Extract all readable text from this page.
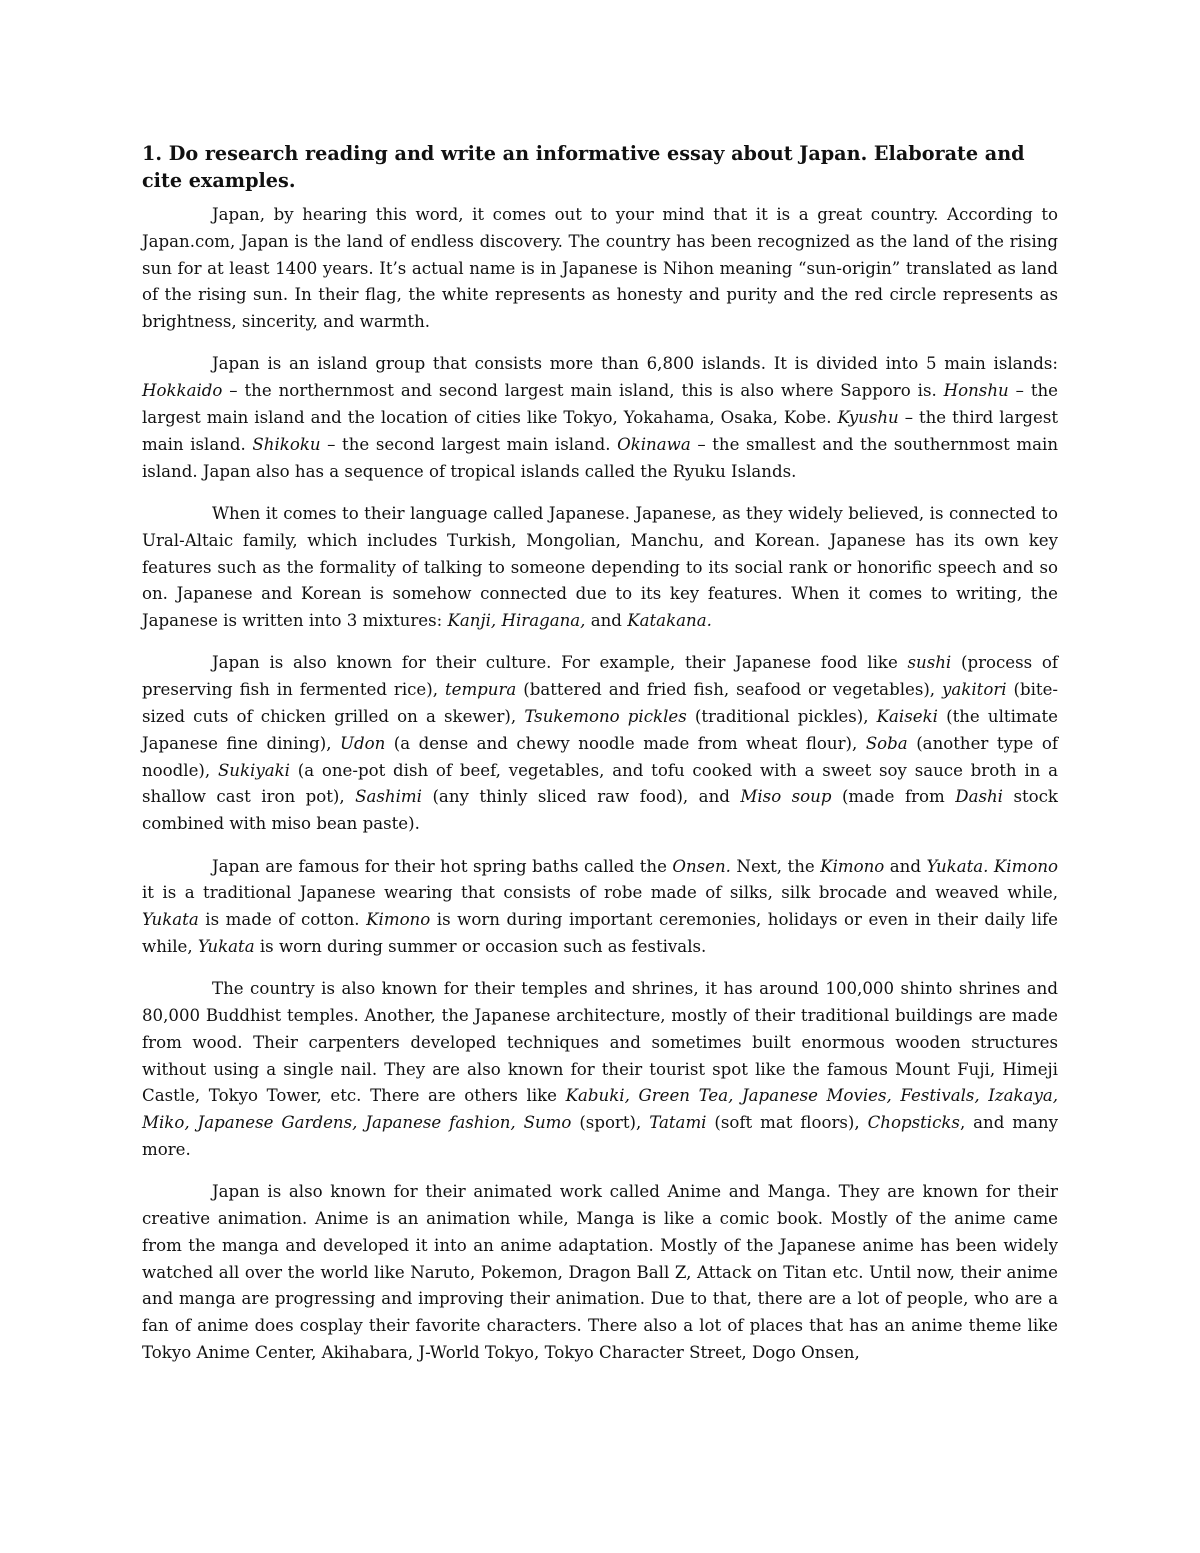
1. Do research reading and write an informative essay about Japan. Elaborate and cite examples.

Japan, by hearing this word, it comes out to your mind that it is a great country. According to Japan.com, Japan is the land of endless discovery. The country has been recognized as the land of the rising sun for at least 1400 years. It’s actual name is in Japanese is Nihon meaning “sun-origin” translated as land of the rising sun. In their flag, the white represents as honesty and purity and the red circle represents as brightness, sincerity, and warmth.

Japan is an island group that consists more than 6,800 islands. It is divided into 5 main islands: Hokkaido – the northernmost and second largest main island, this is also where Sapporo is. Honshu – the largest main island and the location of cities like Tokyo, Yokahama, Osaka, Kobe. Kyushu – the third largest main island. Shikoku – the second largest main island. Okinawa – the smallest and the southernmost main island. Japan also has a sequence of tropical islands called the Ryuku Islands.

When it comes to their language called Japanese. Japanese, as they widely believed, is connected to Ural-Altaic family, which includes Turkish, Mongolian, Manchu, and Korean. Japanese has its own key features such as the formality of talking to someone depending to its social rank or honorific speech and so on. Japanese and Korean is somehow connected due to its key features. When it comes to writing, the Japanese is written into 3 mixtures: Kanji, Hiragana, and Katakana.

Japan is also known for their culture. For example, their Japanese food like sushi (process of preserving fish in fermented rice), tempura (battered and fried fish, seafood or vegetables), yakitori (bite-sized cuts of chicken grilled on a skewer), Tsukemono pickles (traditional pickles), Kaiseki (the ultimate Japanese fine dining), Udon (a dense and chewy noodle made from wheat flour), Soba (another type of noodle), Sukiyaki (a one-pot dish of beef, vegetables, and tofu cooked with a sweet soy sauce broth in a shallow cast iron pot), Sashimi (any thinly sliced raw food), and Miso soup (made from Dashi stock combined with miso bean paste).

Japan are famous for their hot spring baths called the Onsen. Next, the Kimono and Yukata. Kimono it is a traditional Japanese wearing that consists of robe made of silks, silk brocade and weaved while, Yukata is made of cotton. Kimono is worn during important ceremonies, holidays or even in their daily life while, Yukata is worn during summer or occasion such as festivals.

The country is also known for their temples and shrines, it has around 100,000 shinto shrines and 80,000 Buddhist temples. Another, the Japanese architecture, mostly of their traditional buildings are made from wood. Their carpenters developed techniques and sometimes built enormous wooden structures without using a single nail. They are also known for their tourist spot like the famous Mount Fuji, Himeji Castle, Tokyo Tower, etc. There are others like Kabuki, Green Tea, Japanese Movies, Festivals, Izakaya, Miko, Japanese Gardens, Japanese fashion, Sumo (sport), Tatami (soft mat floors), Chopsticks, and many more.

Japan is also known for their animated work called Anime and Manga. They are known for their creative animation. Anime is an animation while, Manga is like a comic book. Mostly of the anime came from the manga and developed it into an anime adaptation. Mostly of the Japanese anime has been widely watched all over the world like Naruto, Pokemon, Dragon Ball Z, Attack on Titan etc. Until now, their anime and manga are progressing and improving their animation. Due to that, there are a lot of people, who are a fan of anime does cosplay their favorite characters. There also a lot of places that has an anime theme like Tokyo Anime Center, Akihabara, J-World Tokyo, Tokyo Character Street, Dogo Onsen,
